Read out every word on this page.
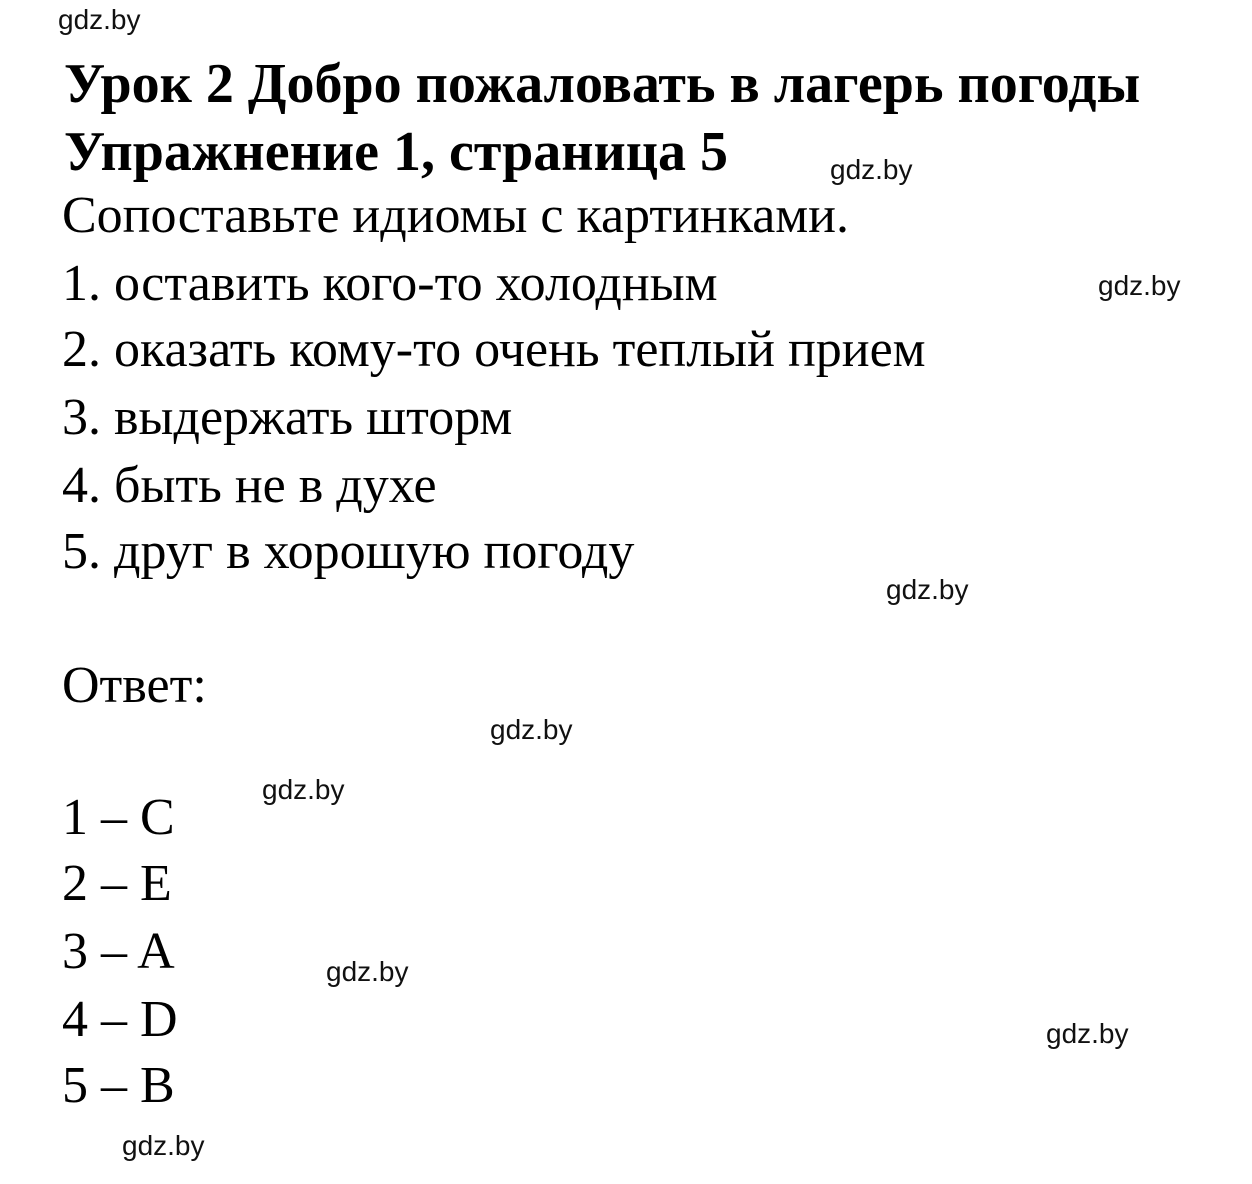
gdz.by
Урок 2 Добро пожаловать в лагерь погоды
Упражнение 1, страница 5	gdz.by
Сопоставьте идиомы с картинками.
1. оставить кого-то холодным	gdz.by
2. оказать кому-то очень теплый прием
3. выдержать шторм
4. быть не в духе
5. друг в хорошую погоду
gdz.by
Ответ:
gdz.by
gdz.by
1 – C
2 – E
3 – A	gdz.by
4 – D	gdz.by
5 – B
gdz.by
